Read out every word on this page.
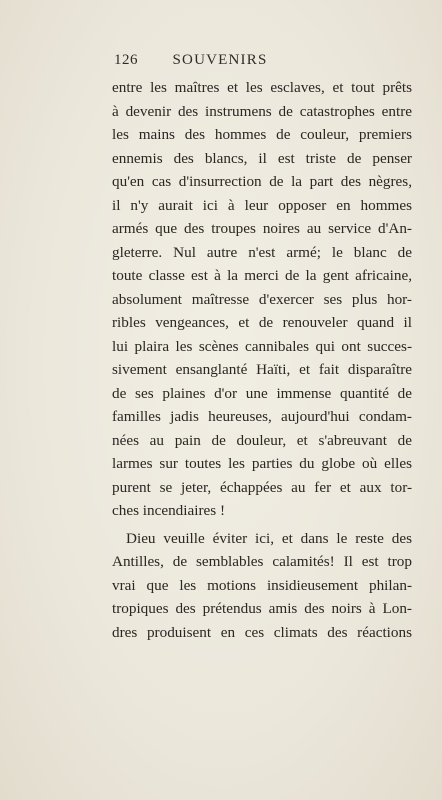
126 SOUVENIRS
entre les maîtres et les esclaves, et tout prêts
à devenir des instrumens de catastrophes entre
les mains des hommes de couleur, premiers
ennemis des blancs, il est triste de penser
qu'en cas d'insurrection de la part des nègres,
il n'y aurait ici à leur opposer en hommes
armés que des troupes noires au service d'An-
gleterre. Nul autre n'est armé; le blanc de
toute classe est à la merci de la gent africaine,
absolument maîtresse d'exercer ses plus hor-
ribles vengeances, et de renouveler quand il
lui plaira les scènes cannibales qui ont succes-
sivement ensanglanté Haïti, et fait disparaître
de ses plaines d'or une immense quantité de
familles jadis heureuses, aujourd'hui condam-
nées au pain de douleur, et s'abreuvant de
larmes sur toutes les parties du globe où elles
purent se jeter, échappées au fer et aux tor-
ches incendiaires !
Dieu veuille éviter ici, et dans le reste des
Antilles, de semblables calamités! Il est trop
vrai que les motions insidieusement philan-
tropiques des prétendus amis des noirs à Lon-
dres produisent en ces climats des réactions
